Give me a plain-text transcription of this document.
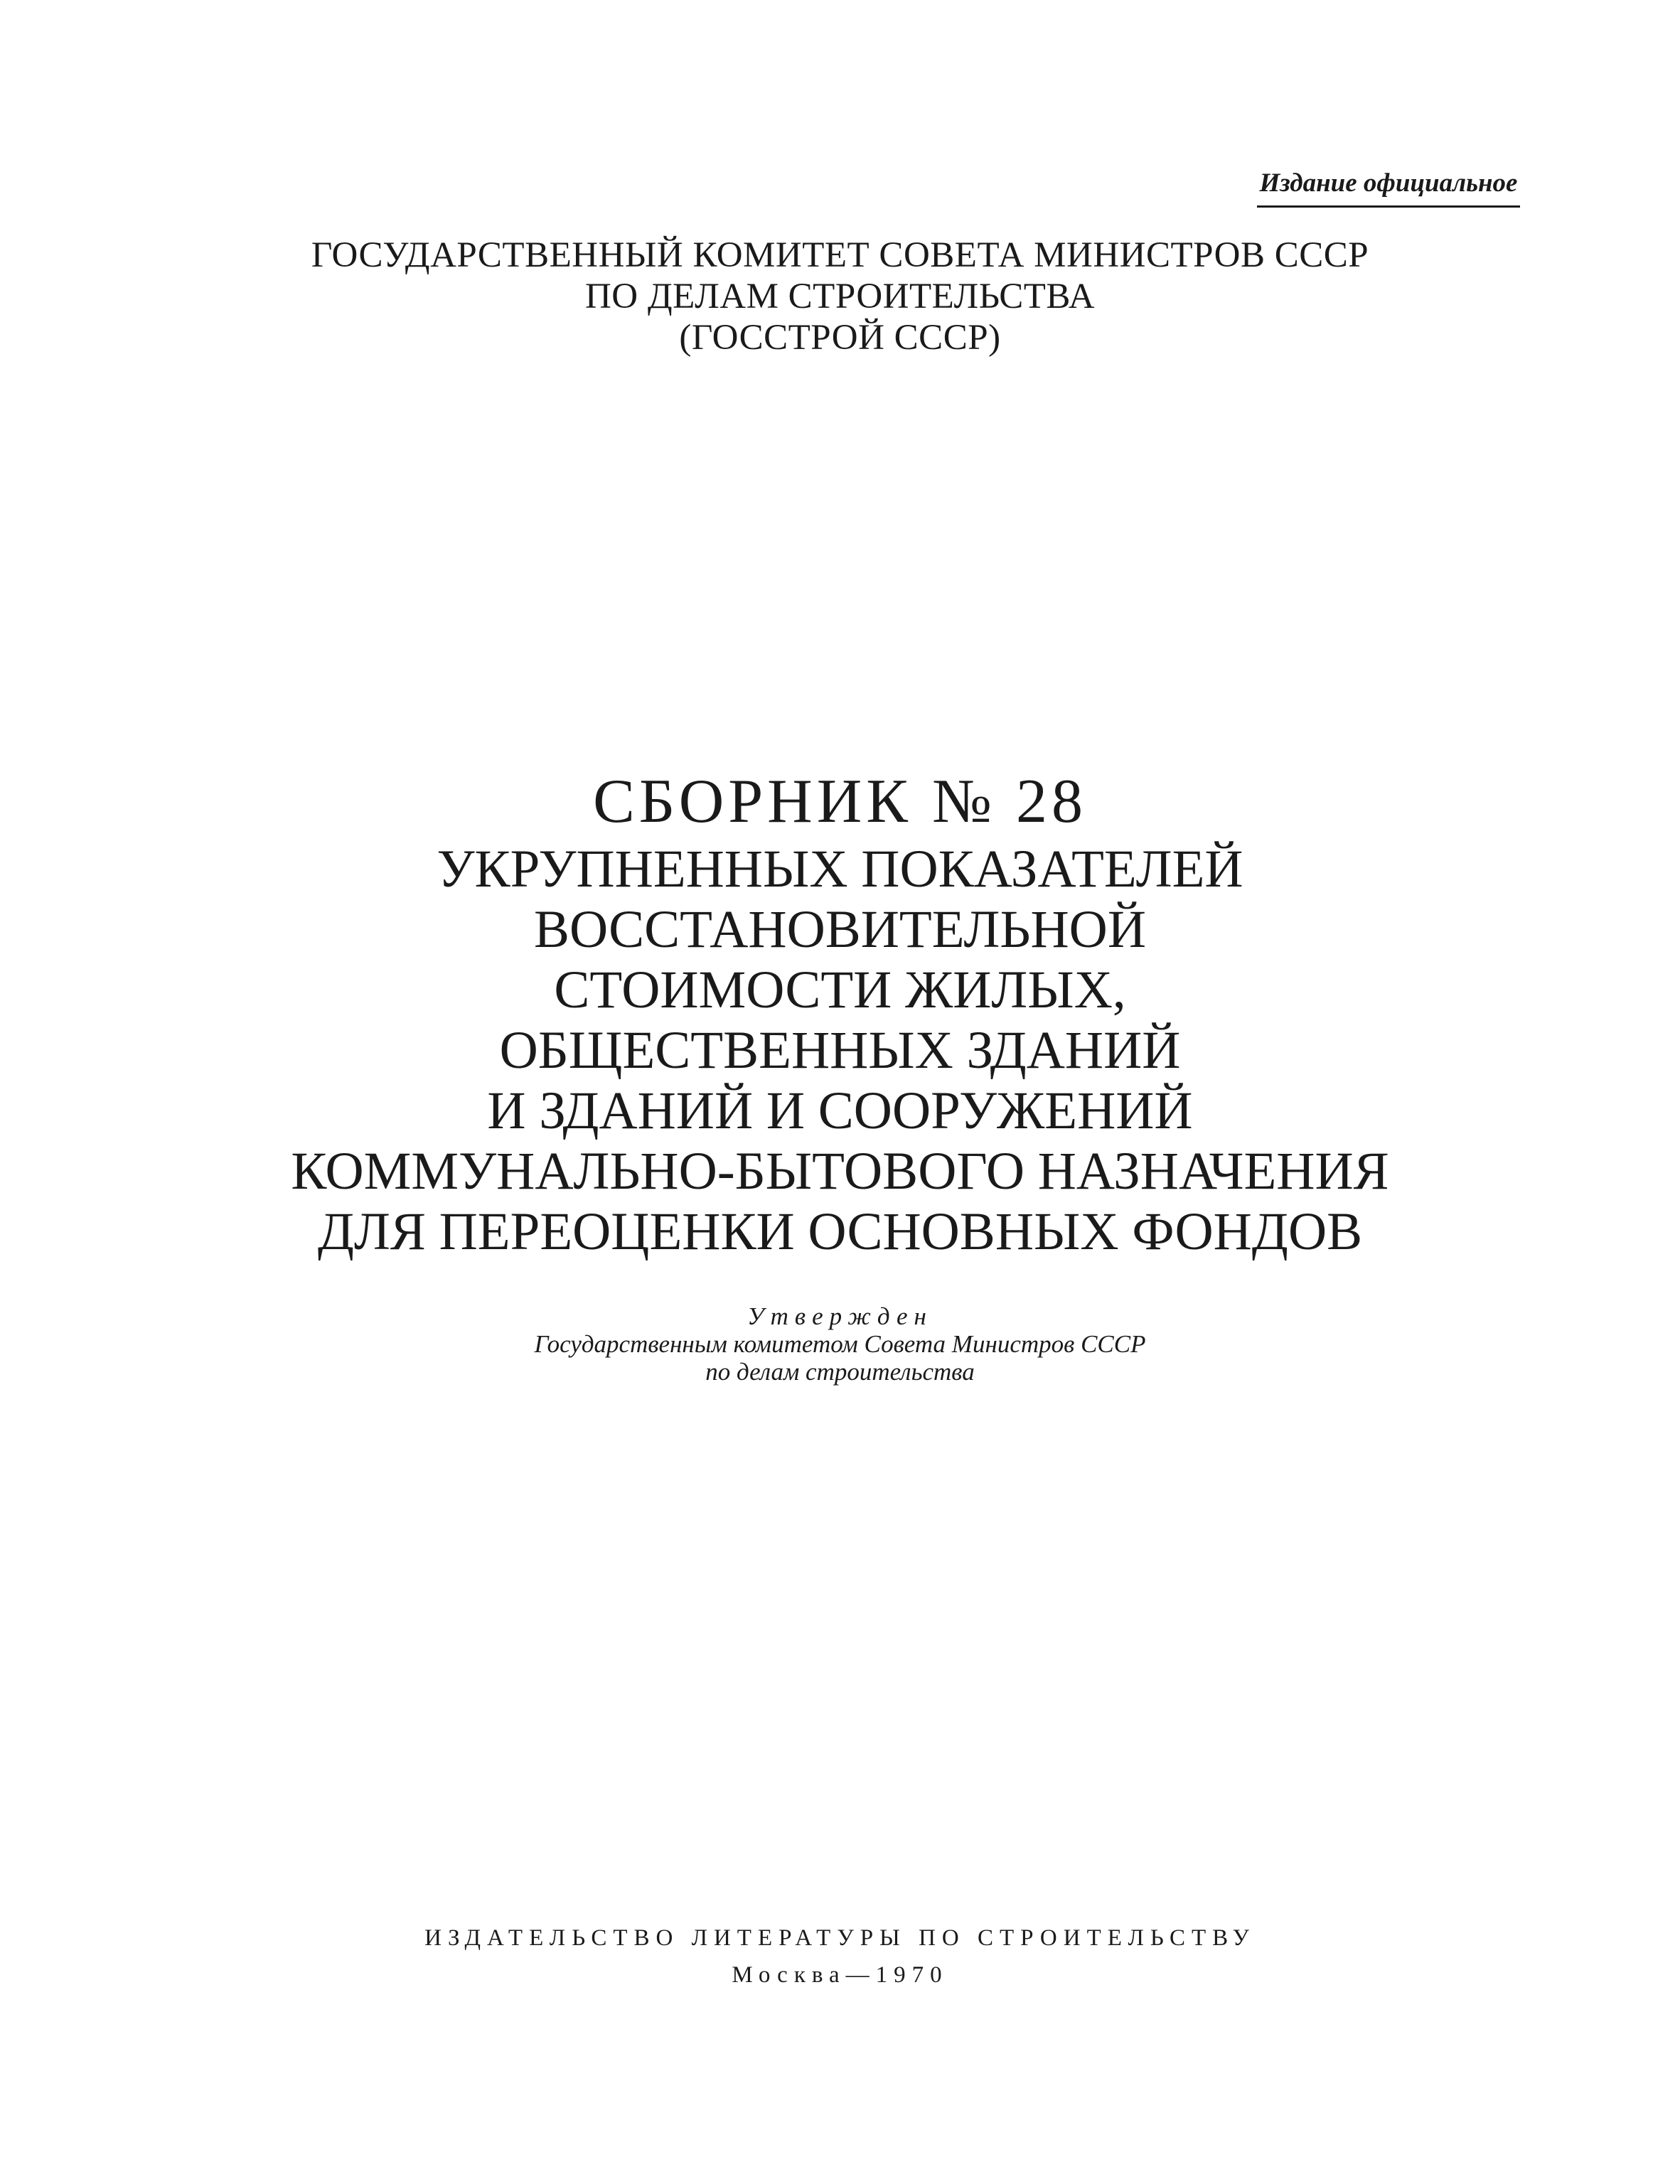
Издание официальное
ГОСУДАРСТВЕННЫЙ КОМИТЕТ СОВЕТА МИНИСТРОВ СССР
ПО ДЕЛАМ СТРОИТЕЛЬСТВА
(ГОССТРОЙ СССР)
СБОРНИК № 28
УКРУПНЕННЫХ ПОКАЗАТЕЛЕЙ
ВОССТАНОВИТЕЛЬНОЙ
СТОИМОСТИ ЖИЛЫХ,
ОБЩЕСТВЕННЫХ ЗДАНИЙ
И ЗДАНИЙ И СООРУЖЕНИЙ
КОММУНАЛЬНО-БЫТОВОГО НАЗНАЧЕНИЯ
ДЛЯ ПЕРЕОЦЕНКИ ОСНОВНЫХ ФОНДОВ
Утвержден
Государственным комитетом Совета Министров СССР
по делам строительства
ИЗДАТЕЛЬСТВО ЛИТЕРАТУРЫ ПО СТРОИТЕЛЬСТВУ
Москва—1970
